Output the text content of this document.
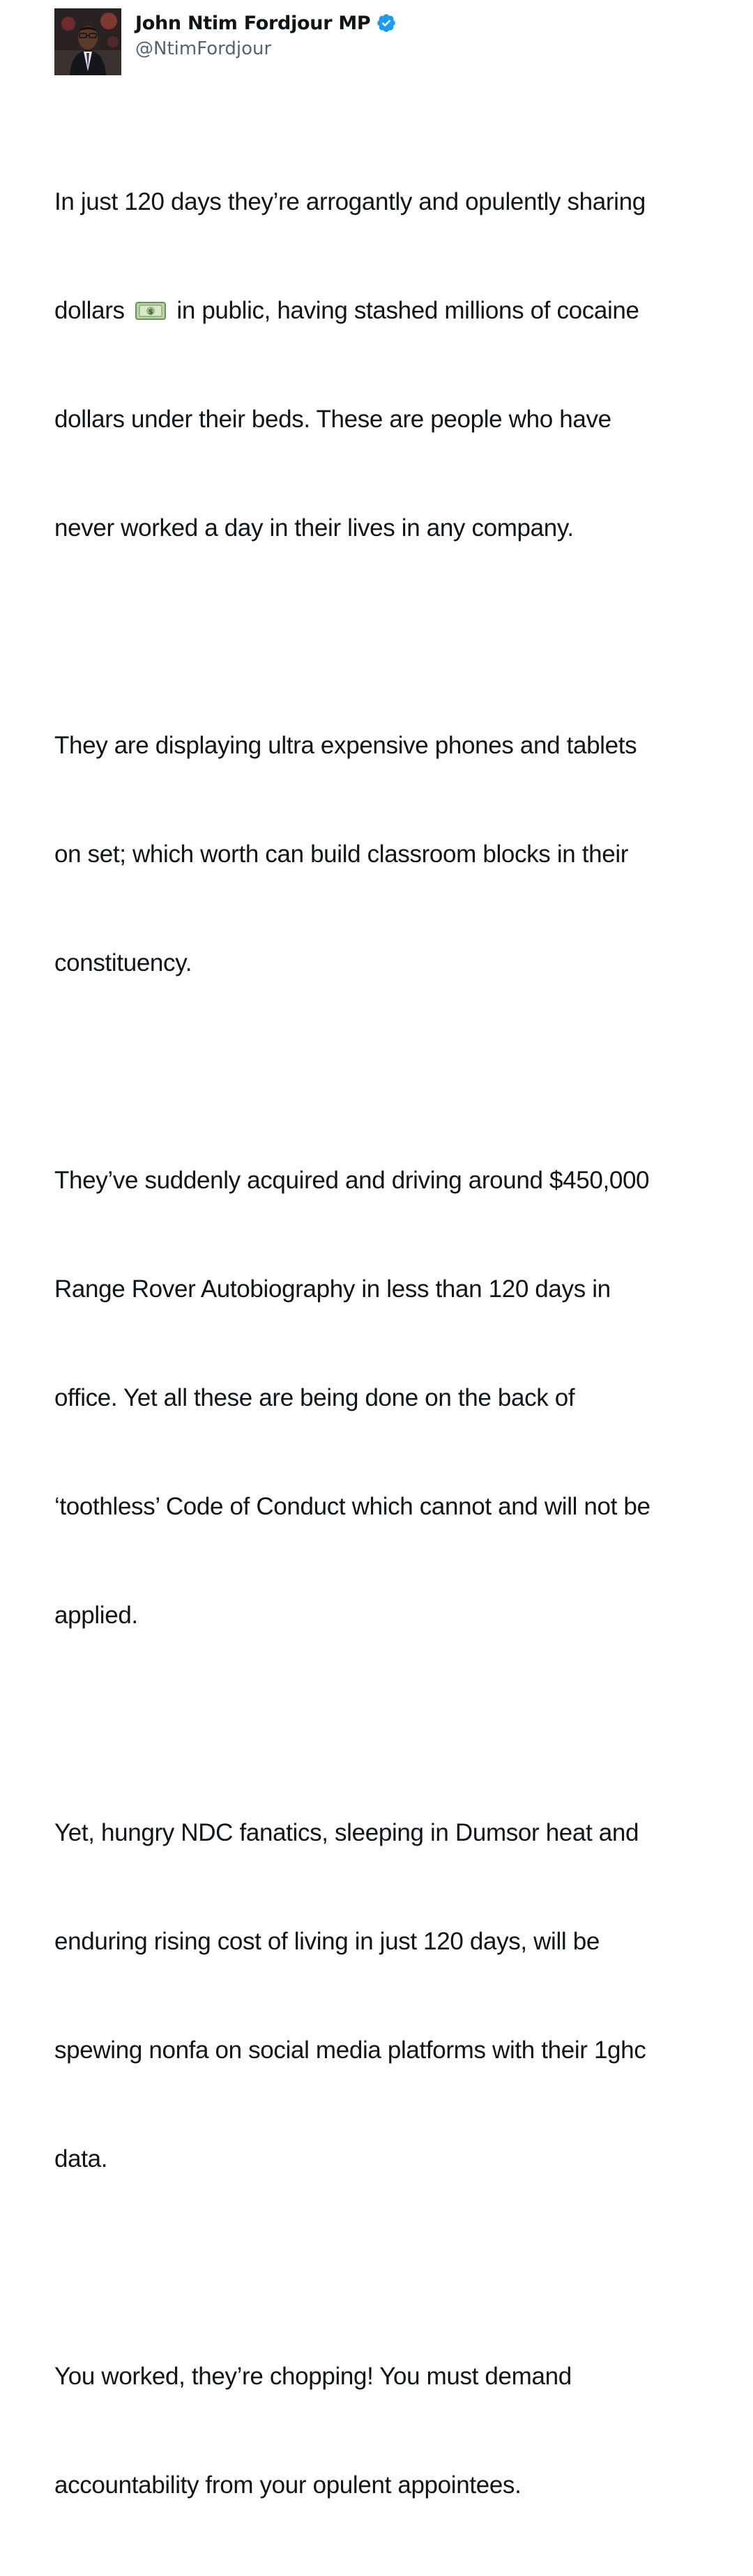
John Ntim Fordjour MP
@NtimFordjour

In just 120 days they’re arrogantly and opulently sharing

dollars $ in public, having stashed millions of cocaine

dollars under their beds. These are people who have

never worked a day in their lives in any company.

They are displaying ultra expensive phones and tablets

on set; which worth can build classroom blocks in their

constituency.

They’ve suddenly acquired and driving around $450,000

Range Rover Autobiography in less than 120 days in

office. Yet all these are being done on the back of

‘toothless’ Code of Conduct which cannot and will not be

applied.

Yet, hungry NDC fanatics, sleeping in Dumsor heat and

enduring rising cost of living in just 120 days, will be

spewing nonfa on social media platforms with their 1ghc

data.

You worked, they’re chopping! You must demand

accountability from your opulent appointees.
